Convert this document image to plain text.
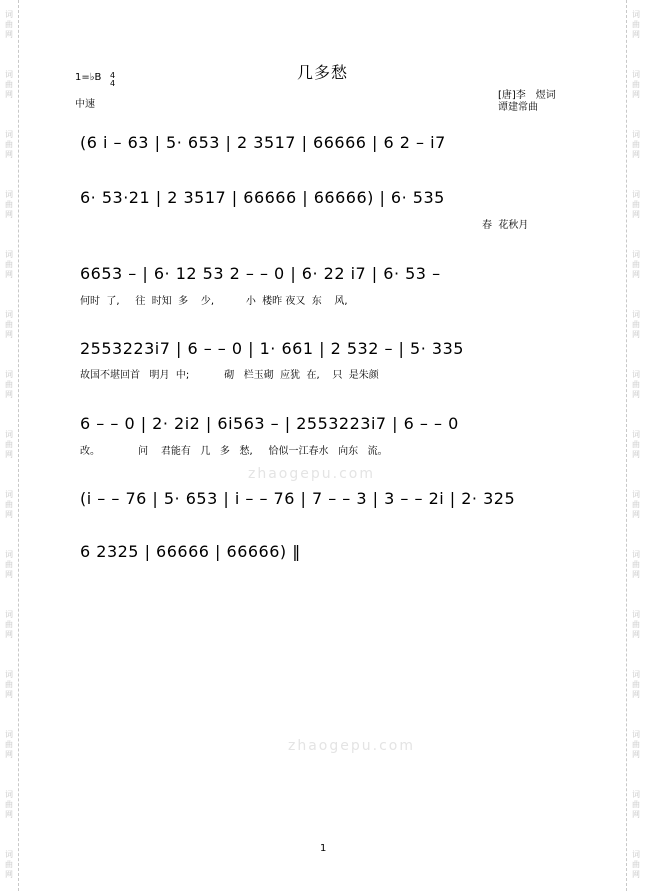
词曲网
词曲网
词曲网
词曲网
词曲网
词曲网
词曲网
词曲网
词曲网
词曲网
词曲网
词曲网
词曲网
词曲网
词曲网
词曲网
词曲网
词曲网
词曲网
词曲网
词曲网
词曲网
词曲网
词曲网
词曲网
词曲网
词曲网
词曲网
词曲网
词曲网
几多愁
1=♭B 4
4
中速
[唐]李　煜词
谭建常曲
zhaogepu.com
zhaogepu.com
(6 i – 63 | 5· 653 | 2 3517 | 66666 | 6 2 – i7
6· 53·21 | 2 3517 | 66666 | 66666) | 6· 535
春  花秋月
6653 – | 6· 12 53 2 – – 0 | 6· 22 i7 | 6· 53 –
何时  了,     往  时知  多    少,          小  楼昨 夜又  东    风,
2553223i7 | 6 – – 0 | 1· 661 | 2 532 – | 5· 335
故国不堪回首   明月  中;           砌   栏玉砌  应犹  在,    只  是朱颜
6 – – 0 | 2· 2i2 | 6i563 – | 2553223i7 | 6 – – 0
改。            问    君能有   几   多   愁,     恰似一江春水   向东   流。
(i – – 76 | 5· 653 | i – – 76 | 7 – – 3 | 3 – – 2i | 2· 325
6 2325 | 66666 | 66666) ‖
1
